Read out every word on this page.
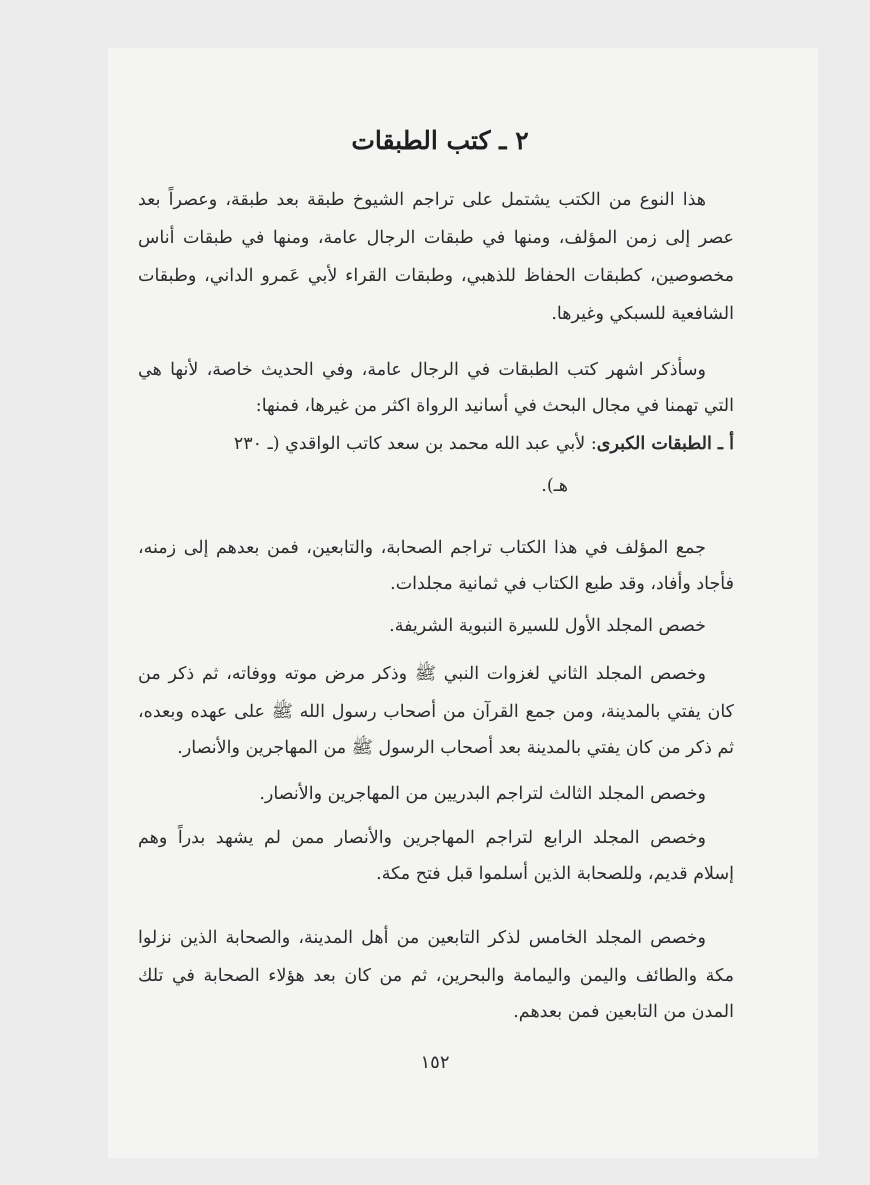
٢ ـ كتب الطبقات
هذا النوع من الكتب يشتمل على تراجم الشيوخ طبقة بعد طبقة، وعصراً بعد
عصر إلى زمن المؤلف، ومنها في طبقات الرجال عامة، ومنها في طبقات أناس
مخصوصين، كطبقات الحفاظ للذهبي، وطبقات القراء لأبي عَمرو الداني، وطبقات
الشافعية للسبكي وغيرها.
وسأذكر اشهر كتب الطبقات في الرجال عامة، وفي الحديث خاصة، لأنها هي
التي تهمنا في مجال البحث في أسانيد الرواة اكثر من غيرها، فمنها:
أ ـ الطبقات الكبرى: لأبي عبد الله محمد بن سعد كاتب الواقدي (ـ ٢٣٠
هـ).
جمع المؤلف في هذا الكتاب تراجم الصحابة، والتابعين، فمن بعدهم إلى زمنه،
فأجاد وأفاد، وقد طبع الكتاب في ثمانية مجلدات.
خصص المجلد الأول للسيرة النبوية الشريفة.
وخصص المجلد الثاني لغزوات النبي ﷺ وذكر مرض موته ووفاته، ثم ذكر من
كان يفتي بالمدينة، ومن جمع القرآن من أصحاب رسول الله ﷺ على عهده وبعده،
ثم ذكر من كان يفتي بالمدينة بعد أصحاب الرسول ﷺ من المهاجرين والأنصار.
وخصص المجلد الثالث لتراجم البدريين من المهاجرين والأنصار.
وخصص المجلد الرابع لتراجم المهاجرين والأنصار ممن لم يشهد بدراً وهم
إسلام قديم، وللصحابة الذين أسلموا قبل فتح مكة.
وخصص المجلد الخامس لذكر التابعين من أهل المدينة، والصحابة الذين نزلوا
مكة والطائف واليمن واليمامة والبحرين، ثم من كان بعد هؤلاء الصحابة في تلك
المدن من التابعين فمن بعدهم.
١٥٢
